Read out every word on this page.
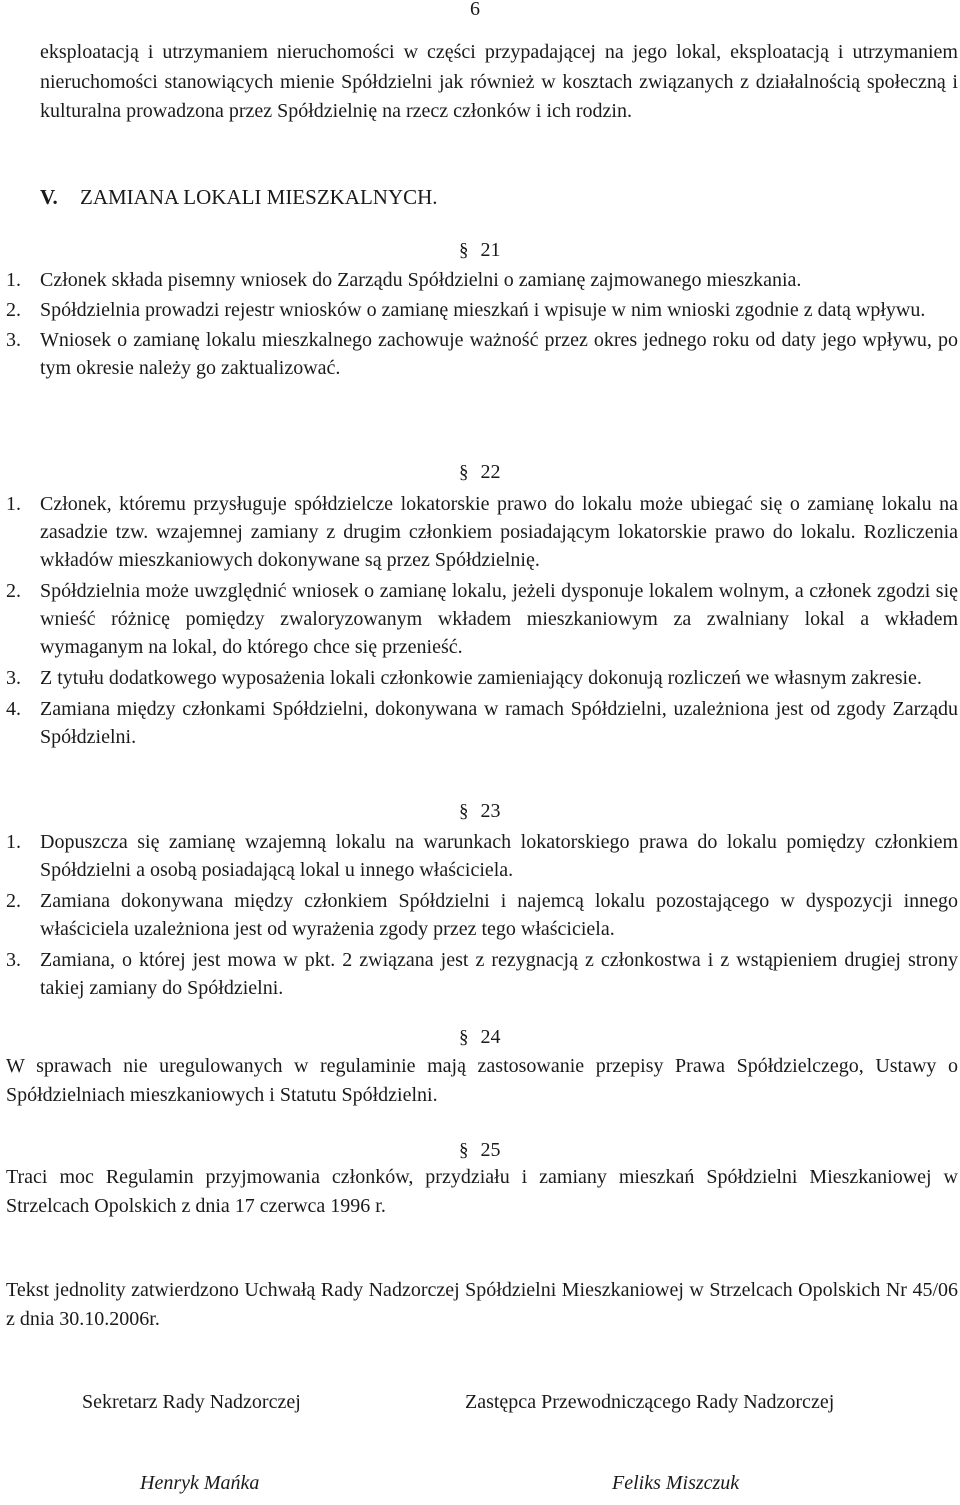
6
eksploatacją i utrzymaniem nieruchomości w części przypadającej na jego lokal, eksploatacją i utrzymaniem nieruchomości stanowiących mienie Spółdzielni jak również w kosztach związanych z działalnością społeczną i kulturalna prowadzona przez Spółdzielnię na rzecz członków i ich rodzin.
V. ZAMIANA LOKALI MIESZKALNYCH.
§ 21
1. Członek składa pisemny wniosek do Zarządu Spółdzielni o zamianę zajmowanego mieszkania.
2. Spółdzielnia prowadzi rejestr wniosków o zamianę mieszkań i wpisuje w nim wnioski zgodnie z datą wpływu.
3. Wniosek o zamianę lokalu mieszkalnego zachowuje ważność przez okres jednego roku od daty jego wpływu, po tym okresie należy go zaktualizować.
§ 22
1. Członek, któremu przysługuje spółdzielcze lokatorskie prawo do lokalu może ubiegać się o zamianę lokalu na zasadzie tzw. wzajemnej zamiany z drugim członkiem posiadającym lokatorskie prawo do lokalu. Rozliczenia wkładów mieszkaniowych dokonywane są przez Spółdzielnię.
2. Spółdzielnia może uwzględnić wniosek o zamianę lokalu, jeżeli dysponuje lokalem wolnym, a członek zgodzi się wnieść różnicę pomiędzy zwaloryzowanym wkładem mieszkaniowym za zwalniany lokal a wkładem wymaganym na lokal, do którego chce się przenieść.
3. Z tytułu dodatkowego wyposażenia lokali członkowie zamieniający dokonują rozliczeń we własnym zakresie.
4. Zamiana między członkami Spółdzielni, dokonywana w ramach Spółdzielni, uzależniona jest od zgody Zarządu Spółdzielni.
§ 23
1. Dopuszcza się zamianę wzajemną lokalu na warunkach lokatorskiego prawa do lokalu pomiędzy członkiem Spółdzielni a osobą posiadającą lokal u innego właściciela.
2. Zamiana dokonywana między członkiem Spółdzielni i najemcą lokalu pozostającego w dyspozycji innego właściciela uzależniona jest od wyrażenia zgody przez tego właściciela.
3. Zamiana, o której jest mowa w pkt. 2 związana jest z rezygnacją z członkostwa i z wstąpieniem drugiej strony takiej zamiany do Spółdzielni.
§ 24
W sprawach nie uregulowanych w regulaminie mają zastosowanie przepisy Prawa Spółdzielczego, Ustawy o Spółdzielniach mieszkaniowych i Statutu Spółdzielni.
§ 25
Traci moc Regulamin przyjmowania członków, przydziału i zamiany mieszkań Spółdzielni Mieszkaniowej w Strzelcach Opolskich z dnia 17 czerwca 1996 r.
Tekst jednolity zatwierdzono Uchwałą Rady Nadzorczej Spółdzielni Mieszkaniowej w Strzelcach Opolskich Nr 45/06 z dnia 30.10.2006r.
Sekretarz Rady Nadzorczej	Zastępca Przewodniczącego Rady Nadzorczej
Henryk Mańka	Feliks Miszczuk
